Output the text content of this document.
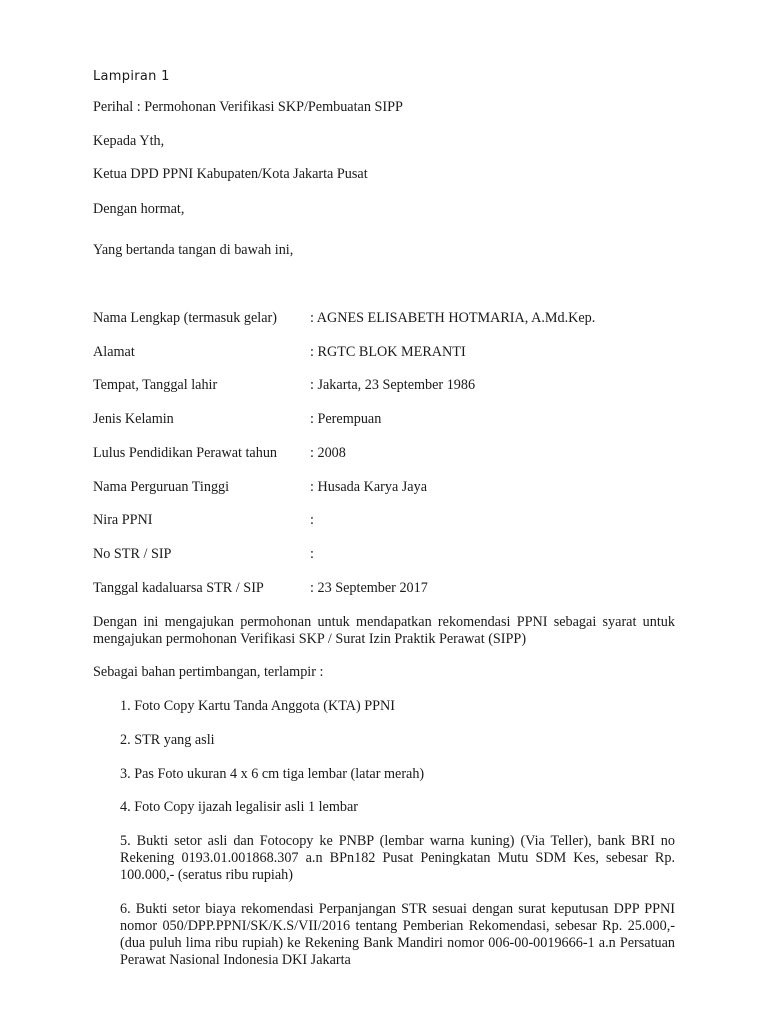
Lampiran 1
Perihal : Permohonan Verifikasi SKP/Pembuatan SIPP
Kepada Yth,
Ketua DPD PPNI Kabupaten/Kota Jakarta Pusat
Dengan hormat,
Yang bertanda tangan di bawah ini,
Nama Lengkap (termasuk gelar) : AGNES ELISABETH HOTMARIA, A.Md.Kep.
Alamat	: RGTC BLOK MERANTI
Tempat, Tanggal lahir	: Jakarta, 23 September 1986
Jenis Kelamin	: Perempuan
Lulus Pendidikan Perawat tahun : 2008
Nama Perguruan Tinggi	: Husada Karya Jaya
Nira PPNI	:
No STR / SIP	:
Tanggal kadaluarsa STR / SIP	: 23 September 2017
Dengan ini mengajukan permohonan untuk mendapatkan rekomendasi PPNI sebagai syarat untuk mengajukan permohonan Verifikasi SKP / Surat Izin Praktik Perawat (SIPP)
Sebagai bahan pertimbangan, terlampir :
1. Foto Copy Kartu Tanda Anggota (KTA) PPNI
2. STR yang asli
3. Pas Foto ukuran 4 x 6 cm tiga lembar (latar merah)
4. Foto Copy ijazah legalisir asli 1 lembar
5. Bukti setor asli dan Fotocopy ke PNBP (lembar warna kuning) (Via Teller), bank BRI no Rekening 0193.01.001868.307 a.n BPn182 Pusat Peningkatan Mutu SDM Kes, sebesar Rp. 100.000,- (seratus ribu rupiah)
6. Bukti setor biaya rekomendasi Perpanjangan STR sesuai dengan surat keputusan DPP PPNI nomor 050/DPP.PPNI/SK/K.S/VII/2016 tentang Pemberian Rekomendasi, sebesar Rp. 25.000,- (dua puluh lima ribu rupiah) ke Rekening Bank Mandiri nomor 006-00-0019666-1 a.n Persatuan Perawat Nasional Indonesia DKI Jakarta
